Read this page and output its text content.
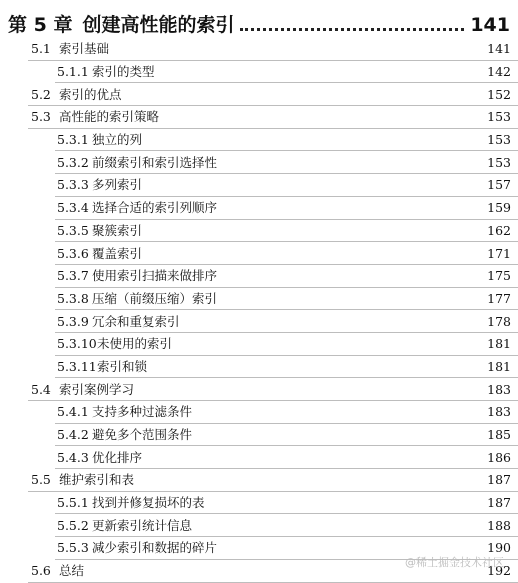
第 5 章 创建高性能的索引	141
5.1 索引基础	141
5.1.1 索引的类型	142
5.2 索引的优点	152
5.3 高性能的索引策略	153
5.3.1 独立的列	153
5.3.2 前缀索引和索引选择性	153
5.3.3 多列索引	157
5.3.4 选择合适的索引列顺序	159
5.3.5 聚簇索引	162
5.3.6 覆盖索引	171
5.3.7 使用索引扫描来做排序	175
5.3.8 压缩（前缀压缩）索引	177
5.3.9 冗余和重复索引	178
5.3.10 未使用的索引	181
5.3.11 索引和锁	181
5.4 索引案例学习	183
5.4.1 支持多种过滤条件	183
5.4.2 避免多个范围条件	185
5.4.3 优化排序	186
5.5 维护索引和表	187
5.5.1 找到并修复损坏的表	187
5.5.2 更新索引统计信息	188
5.5.3 减少索引和数据的碎片	190
5.6 总结	192
@稀土掘金技术社区
